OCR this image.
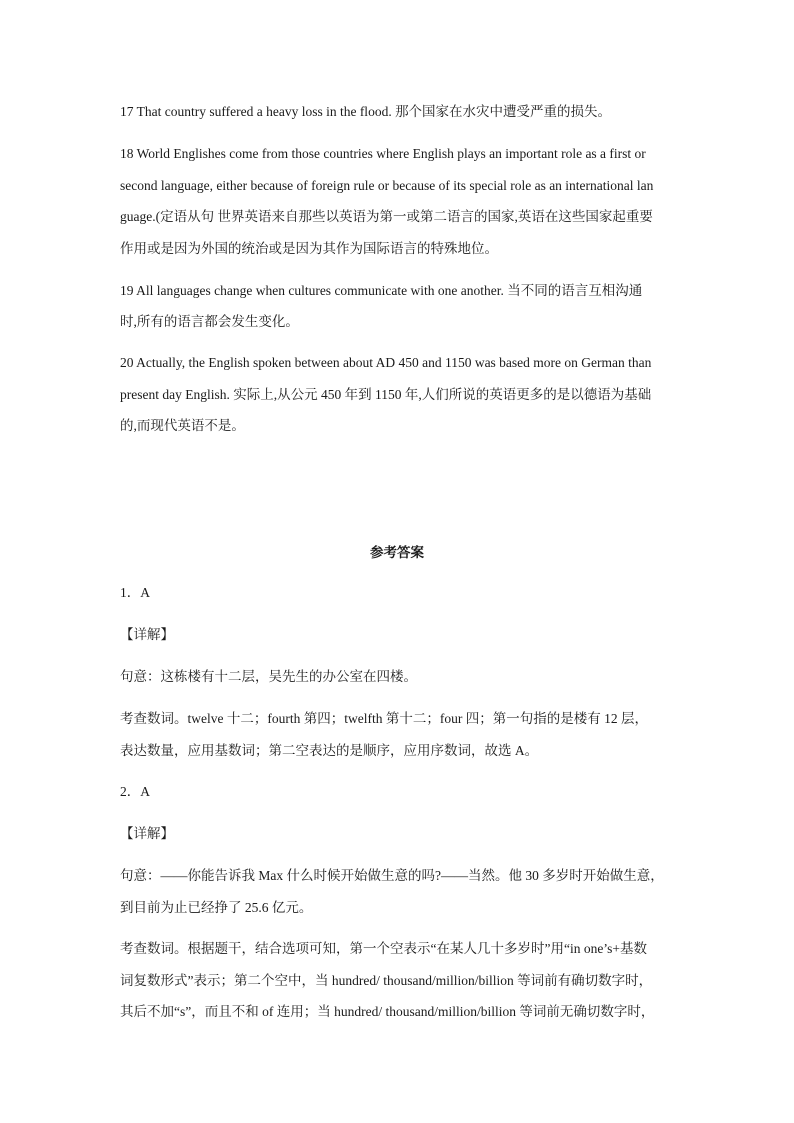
17 That country suffered a heavy loss in the flood. 那个国家在水灾中遭受严重的损失。
18 World Englishes come from those countries where English plays an important role as a first or
second language, either because of foreign rule or because of its special role as an international lan
guage.(定语从句 世界英语来自那些以英语为第一或第二语言的国家,英语在这些国家起重要
作用或是因为外国的统治或是因为其作为国际语言的特殊地位。
19 All languages change when cultures communicate with one another. 当不同的语言互相沟通
时,所有的语言都会发生变化。
20 Actually, the English spoken between about AD 450 and 1150 was based more on German than
present day English. 实际上,从公元 450 年到 1150 年,人们所说的英语更多的是以德语为基础
的,而现代英语不是。
参考答案
1．A
【详解】
句意：这栋楼有十二层，吴先生的办公室在四楼。
考查数词。twelve 十二；fourth 第四；twelfth 第十二；four 四；第一句指的是楼有 12 层，
表达数量，应用基数词；第二空表达的是顺序，应用序数词，故选 A。
2．A
【详解】
句意：——你能告诉我 Max 什么时候开始做生意的吗?——当然。他 30 多岁时开始做生意，
到目前为止已经挣了 25.6 亿元。
考查数词。根据题干，结合选项可知，第一个空表示“在某人几十多岁时”用“in one’s+基数
词复数形式”表示；第二个空中，当 hundred/ thousand/million/billion 等词前有确切数字时，
其后不加“s”，而且不和 of 连用；当 hundred/ thousand/million/billion 等词前无确切数字时，
